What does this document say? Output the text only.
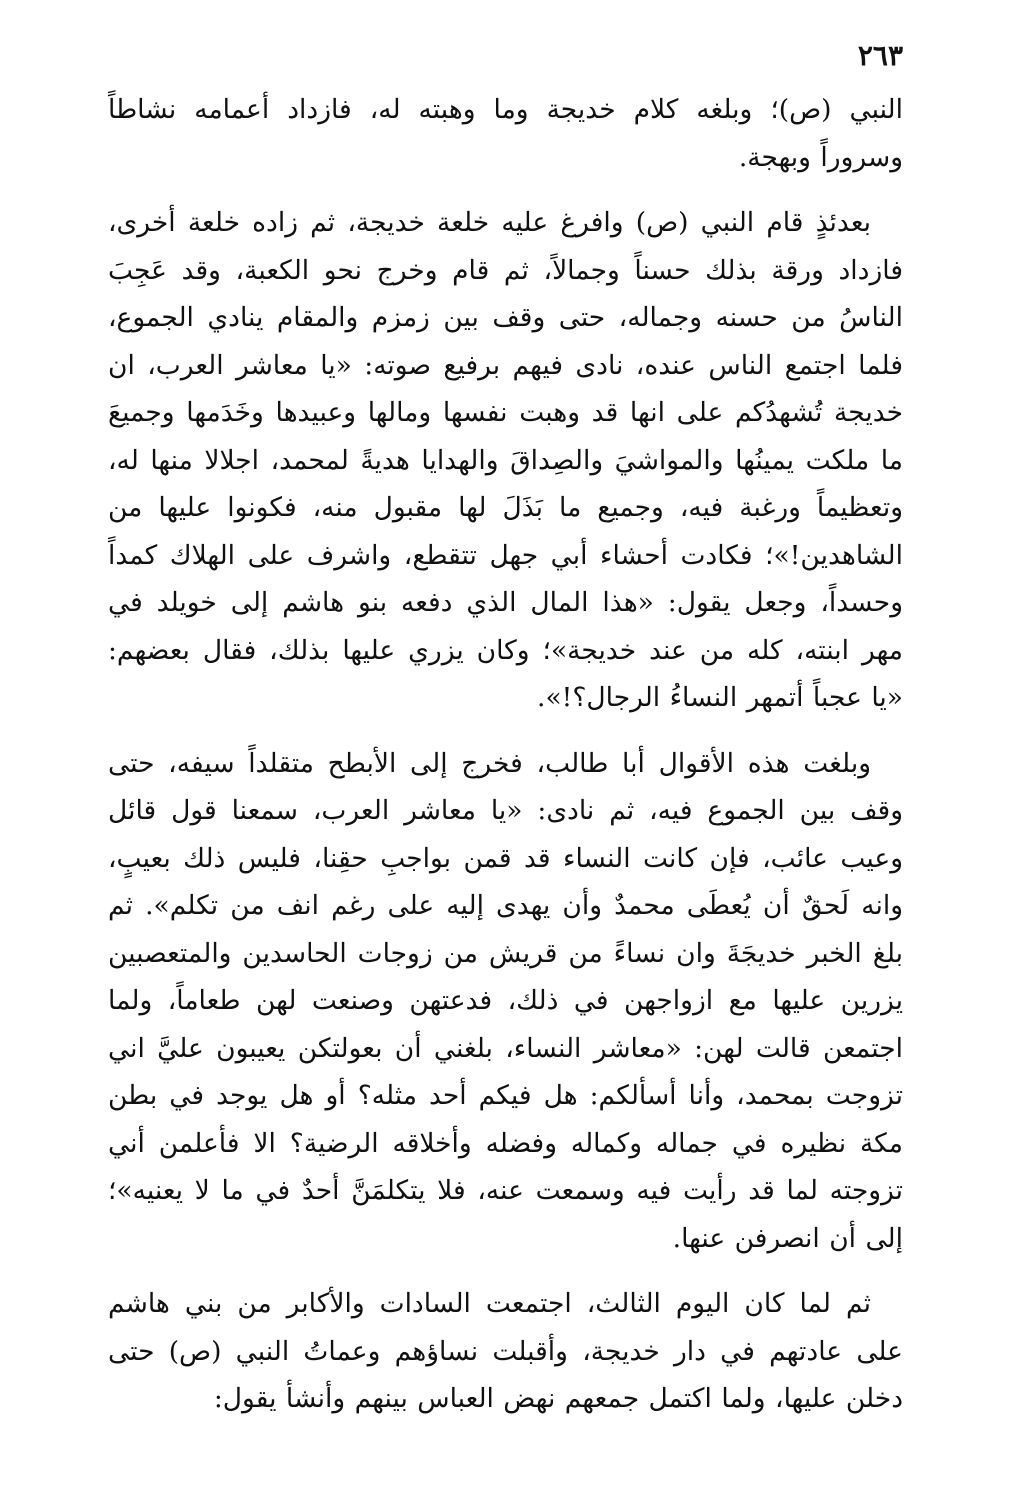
٢٦٣

النبي (ص)؛ وبلغه كلام خديجة وما وهبته له، فازداد أعمامه نشاطاً وسروراً وبهجة.

بعدئذٍ قام النبي (ص) وافرغ عليه خلعة خديجة، ثم زاده خلعة أخرى، فازداد ورقة بذلك حسناً وجمالاً، ثم قام وخرج نحو الكعبة، وقد عَجِبَ الناسُ من حسنه وجماله، حتى وقف بين زمزم والمقام ينادي الجموع، فلما اجتمع الناس عنده، نادى فيهم برفيع صوته: «يا معاشر العرب، ان خديجة تُشهدُكم على انها قد وهبت نفسها ومالها وعبيدها وخَدَمها وجميعَ ما ملكت يمينُها والمواشيَ والصِداقَ والهدايا هديةً لمحمد، اجلالا منها له، وتعظيماً ورغبة فيه، وجميع ما بَذَلَ لها مقبول منه، فكونوا عليها من الشاهدين!»؛ فكادت أحشاء أبي جهل تتقطع، واشرف على الهلاك كمداً وحسداً، وجعل يقول: «هذا المال الذي دفعه بنو هاشم إلى خويلد في مهر ابنته، كله من عند خديجة»؛ وكان يزري عليها بذلك، فقال بعضهم: «يا عجباً أتمهر النساءُ الرجال؟!».

وبلغت هذه الأقوال أبا طالب، فخرج إلى الأبطح متقلداً سيفه، حتى وقف بين الجموع فيه، ثم نادى: «يا معاشر العرب، سمعنا قول قائل وعيب عائب، فإن كانت النساء قد قمن بواجبِ حقِنا، فليس ذلك بعيبٍ، وانه لَحقٌ أن يُعطَى محمدٌ وأن يهدى إليه على رغم انف من تكلم». ثم بلغ الخبر خديجَةَ وان نساءً من قريش من زوجات الحاسدين والمتعصبين يزرين عليها مع ازواجهن في ذلك، فدعتهن وصنعت لهن طعاماً، ولما اجتمعن قالت لهن: «معاشر النساء، بلغني أن بعولتكن يعيبون عليَّ اني تزوجت بمحمد، وأنا أسألكم: هل فيكم أحد مثله؟ أو هل يوجد في بطن مكة نظيره في جماله وكماله وفضله وأخلاقه الرضية؟ الا فأعلمن أني تزوجته لما قد رأيت فيه وسمعت عنه، فلا يتكلمَنَّ أحدٌ في ما لا يعنيه»؛ إلى أن انصرفن عنها.

ثم لما كان اليوم الثالث، اجتمعت السادات والأكابر من بني هاشم على عادتهم في دار خديجة، وأقبلت نساؤهم وعماتُ النبي (ص) حتى دخلن عليها، ولما اكتمل جمعهم نهض العباس بينهم وأنشأ يقول:
